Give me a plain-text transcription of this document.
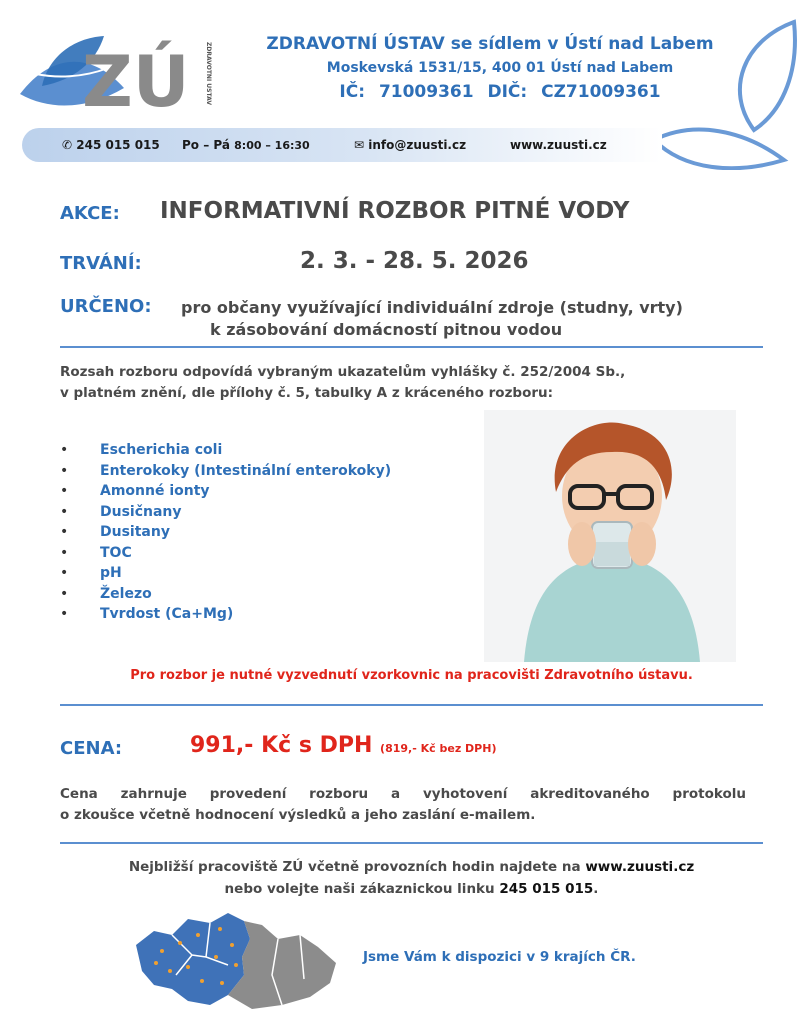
ZÚ	ZDRAVOTNÍ ÚSTAV	ZDRAVOTNÍ ÚSTAV se sídlem v Ústí nad Labem
Moskevská 1531/15, 400 01 Ústí nad Labem
IČ: 71009361 DIČ: CZ71009361
✆ 245 015 015 Po – Pá 8:00 – 16:30	✉ info@zuusti.cz	www.zuusti.cz
AKCE: INFORMATIVNÍ ROZBOR PITNÉ VODY
TRVÁNÍ:	2. 3. - 28. 5. 2026
URČENO: pro občany využívající individuální zdroje (studny, vrty)
k zásobování domácností pitnou vodou
Rozsah rozboru odpovídá vybraným ukazatelům vyhlášky č. 252/2004 Sb.,
v platném znění, dle přílohy č. 5, tabulky A z kráceného rozboru:
• Escherichia coli
• Enterokoky (Intestinální enterokoky)
• Amonné ionty
• Dusičnany
• Dusitany
• TOC
• pH
• Železo
• Tvrdost (Ca+Mg)
Pro rozbor je nutné vyzvednutí vzorkovnic na pracovišti Zdravotního ústavu.
CENA:	991,- Kč s DPH (819,- Kč bez DPH)
Cena zahrnuje provedení rozboru a vyhotovení akreditovaného protokolu
o zkoušce včetně hodnocení výsledků a jeho zaslání e-mailem.
Nejbližší pracoviště ZÚ včetně provozních hodin najdete na www.zuusti.cz
nebo volejte naši zákaznickou linku 245 015 015.
Jsme Vám k dispozici v 9 krajích ČR.
